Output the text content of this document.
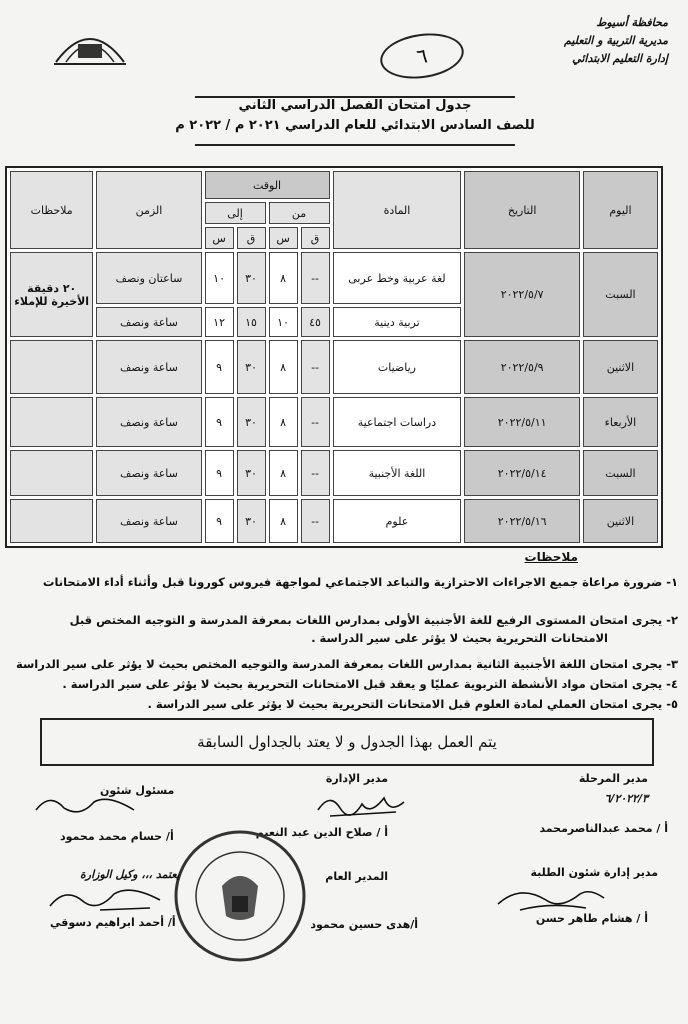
محافظة أسيوط
مديرية التربية و التعليم
إدارة التعليم الابتدائي
٦
جدول امتحان الفصل الدراسي الثاني
للصف السادس الابتدائي للعام الدراسي ٢٠٢١ م / ٢٠٢٢ م
اليوم	التاريخ	المادة	الوقت				الزمن	ملاحظات
			من		إلى			
			ق	س	ق	س		
السبت	٢٠٢٢/٥/٧	لغة عربية وخط عربى	--	٨	٣٠	١٠	ساعتان ونصف	٢٠ دقيقة الأخيرة للإملاء
		تربية دينية	٤٥	١٠	١٥	١٢	ساعة ونصف	
الاثنين	٢٠٢٢/٥/٩	رياضيات	--	٨	٣٠	٩	ساعة ونصف	
الأربعاء	٢٠٢٢/٥/١١	دراسات اجتماعية	--	٨	٣٠	٩	ساعة ونصف	
السبت	٢٠٢٢/٥/١٤	اللغة الأجنبية	--	٨	٣٠	٩	ساعة ونصف	
الاثنين	٢٠٢٢/٥/١٦	علوم	--	٨	٣٠	٩	ساعة ونصف	
ملاحظات
١- ضرورة مراعاة جميع الاجراءات الاحترازية والتباعد الاجتماعي لمواجهة فيروس كورونا قبل وأثناء أداء الامتحانات
٢- يجرى امتحان المستوى الرفيع للغة الأجنبية الأولى بمدارس اللغات بمعرفة المدرسة و التوجيه المختص قبل
الامتحانات التحريرية بحيث لا يؤثر على سير الدراسة .
٣- يجرى امتحان اللغة الأجنبية الثانية بمدارس اللغات بمعرفة المدرسة والتوجيه المختص بحيث لا يؤثر على سير الدراسة
٤- يجرى امتحان مواد الأنشطة التربوية عمليًا و يعقد قبل الامتحانات التحريرية بحيث لا يؤثر على سير الدراسة .
٥- يجرى امتحان العملي لمادة العلوم قبل الامتحانات التحريرية بحيث لا يؤثر على سير الدراسة .
يتم العمل بهذا الجدول و لا يعتد بالجداول السابقة
مدير المرحلة
٦/٢٠٢٢/٣
أ / محمد عبدالناصرمحمد
مدير الإدارة
أ / صلاح الدين عبد النعيم
مسئول شئون
أ/ حسام محمد محمود
مدير إدارة شئون الطلبة
أ / هشام طاهر حسن
المدير العام
أ/هدى حسين محمود
يعتمد ،،، وكيل الوزارة
أ/ أحمد ابراهيم دسوقي
